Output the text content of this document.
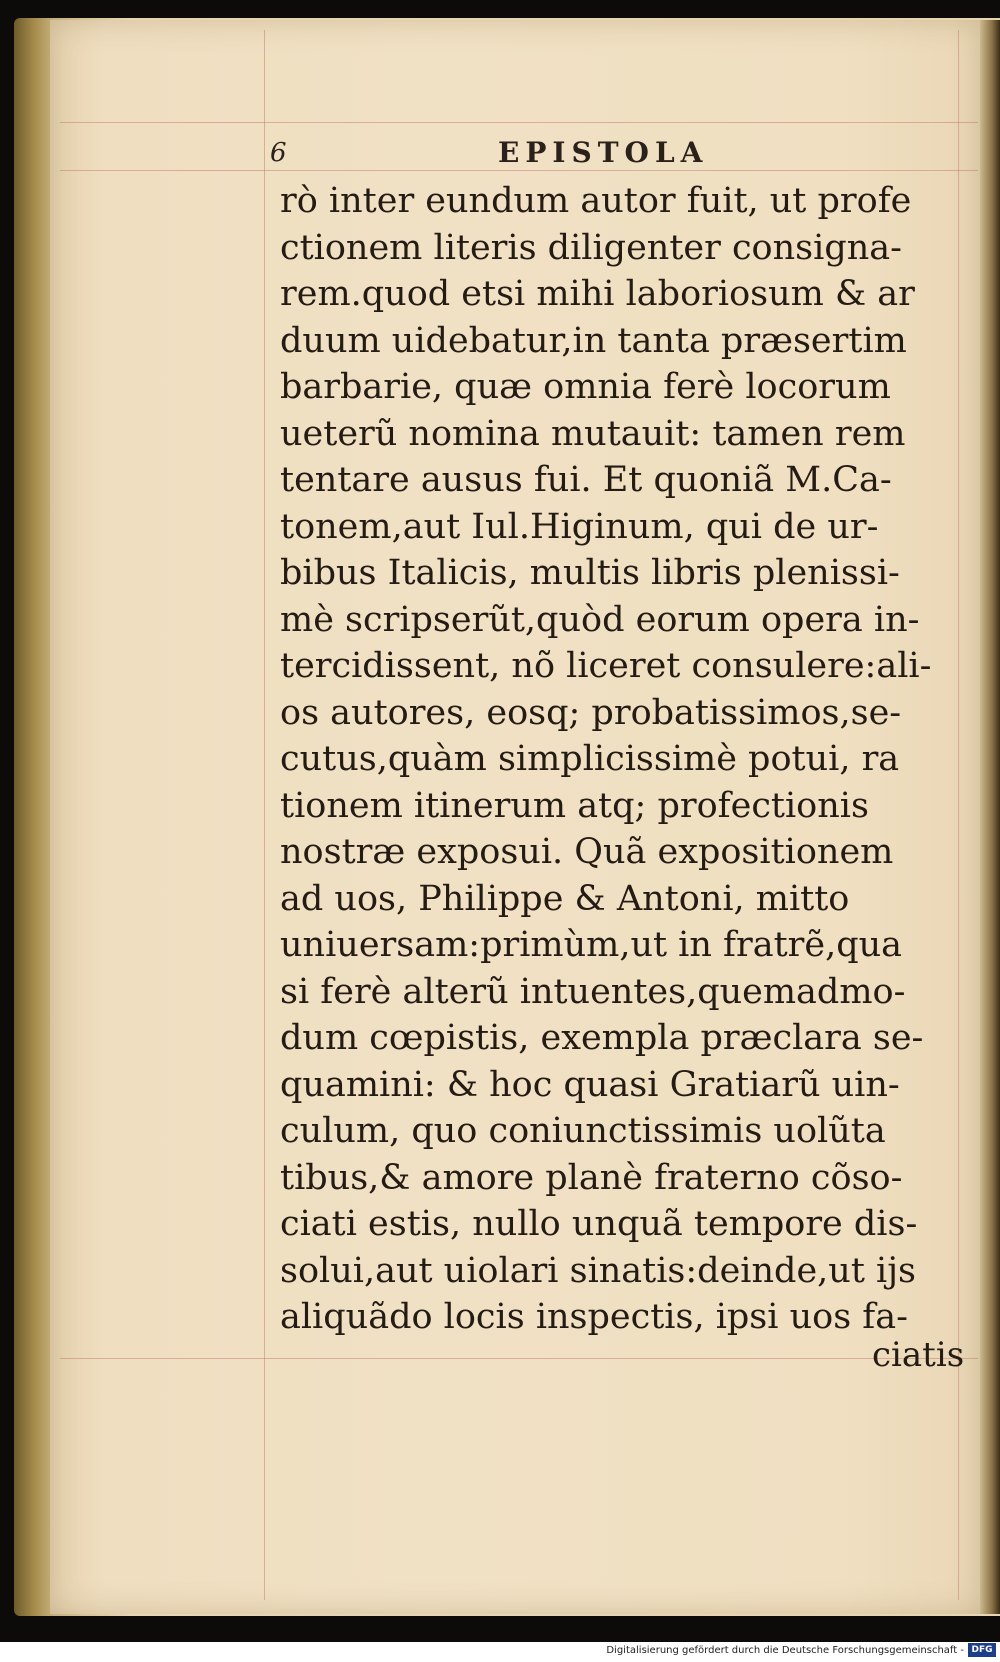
6	EPISTOLA
rò inter eundum autor fuit, ut profe
ctionem literis diligenter consigna-
rem.quod etsi mihi laboriosum & ar
duum uidebatur,in tanta præsertim
barbarie, quæ omnia ferè locorum
ueterũ nomina mutauit: tamen rem
tentare ausus fui. Et quoniã M.Ca-
tonem,aut Iul.Higinum, qui de ur-
bibus Italicis, multis libris plenissi-
mè scripserũt,quòd eorum opera in-
tercidissent, nõ liceret consulere:ali-
os autores, eosq; probatissimos,se-
cutus,quàm simplicissimè potui, ra
tionem itinerum atq; profectionis
nostræ exposui. Quã expositionem
ad uos, Philippe & Antoni, mitto
uniuersam:primùm,ut in fratrẽ,qua
si ferè alterũ intuentes,quemadmo-
dum cœpistis, exempla præclara se-
quamini: & hoc quasi Gratiarũ uin-
culum, quo coniunctissimis uolũta
tibus,& amore planè fraterno cõso-
ciati estis, nullo unquã tempore dis-
solui,aut uiolari sinatis:deinde,ut ijs
aliquãdo locis inspectis, ipsi uos fa-
ciatis
Digitalisierung gefördert durch die Deutsche Forschungsgemeinschaft - DFG
